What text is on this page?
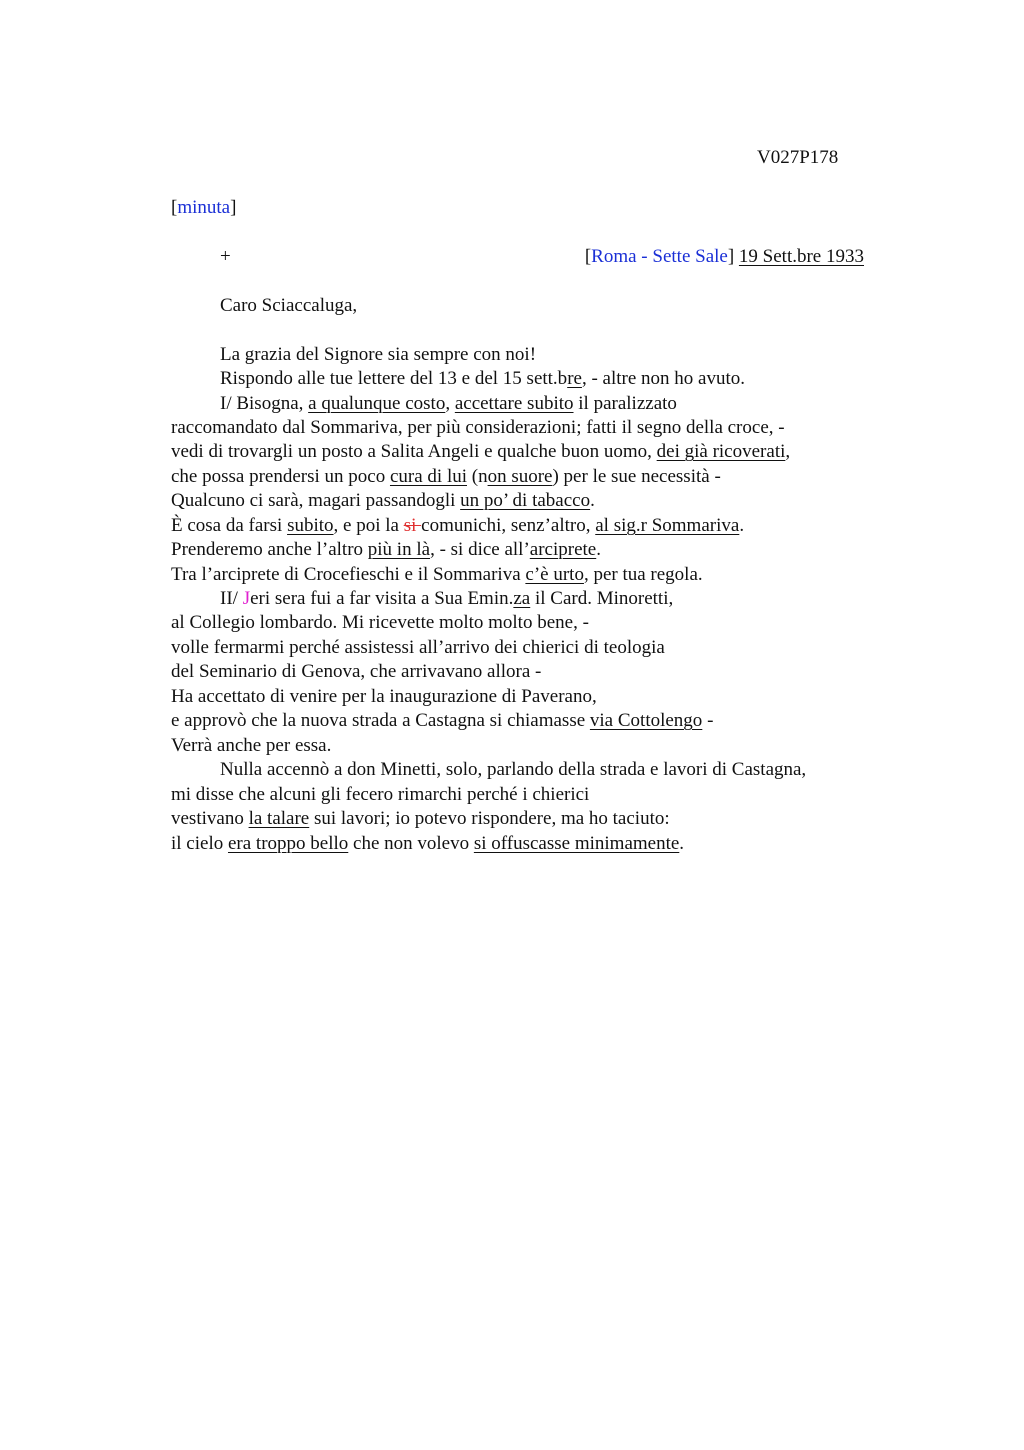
V027P178
[minuta]
+	[Roma - Sette Sale] 19 Sett.bre 1933
Caro Sciaccaluga,
La grazia del Signore sia sempre con noi!
Rispondo alle tue lettere del 13 e del 15 sett.bre, - altre non ho avuto.
I/ Bisogna, a qualunque costo, accettare subito il paralizzato
raccomandato dal Sommariva, per più considerazioni; fatti il segno della croce, -
vedi di trovargli un posto a Salita Angeli e qualche buon uomo, dei già ricoverati,
che possa prendersi un poco cura di lui (non suore) per le sue necessità -
Qualcuno ci sarà, magari passandogli un po’ di tabacco.
È cosa da farsi subito, e poi la si comunichi, senz’altro, al sig.r Sommariva.
Prenderemo anche l’altro più in là, - si dice all’arciprete.
Tra l’arciprete di Crocefieschi e il Sommariva c’è urto, per tua regola.
II/ Jeri sera fui a far visita a Sua Emin.za il Card. Minoretti,
al Collegio lombardo. Mi ricevette molto molto bene, -
volle fermarmi perché assistessi all’arrivo dei chierici di teologia
del Seminario di Genova, che arrivavano allora -
Ha accettato di venire per la inaugurazione di Paverano,
e approvò che la nuova strada a Castagna si chiamasse via Cottolengo -
Verrà anche per essa.
Nulla accennò a don Minetti, solo, parlando della strada e lavori di Castagna,
mi disse che alcuni gli fecero rimarchi perché i chierici
vestivano la talare sui lavori; io potevo rispondere, ma ho taciuto:
il cielo era troppo bello che non volevo si offuscasse minimamente.
